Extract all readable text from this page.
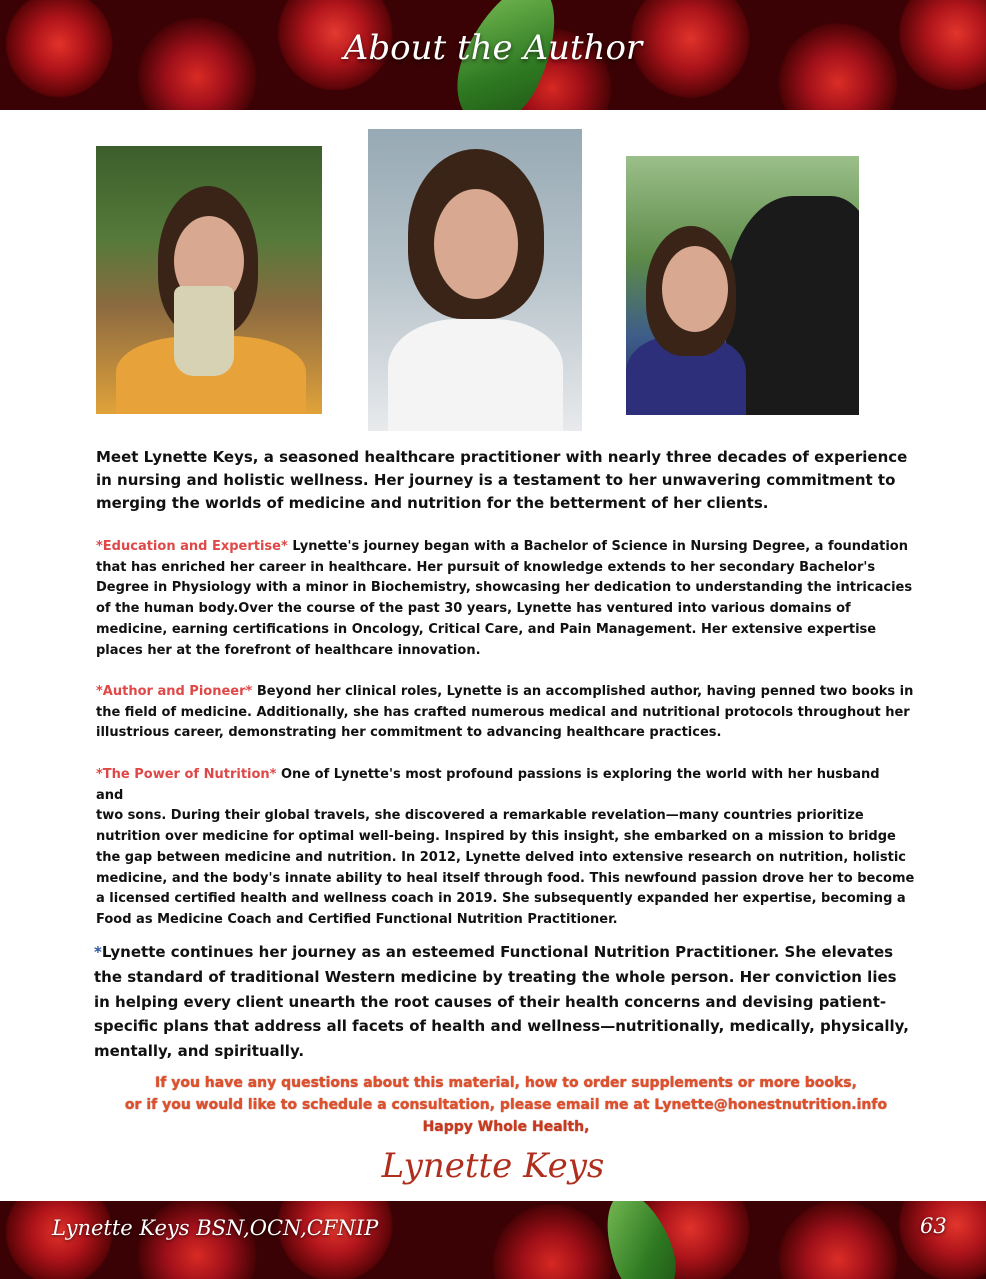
About the Author

Meet Lynette Keys, a seasoned healthcare practitioner with nearly three decades of experience in nursing and holistic wellness. Her journey is a testament to her unwavering commitment to merging the worlds of medicine and nutrition for the betterment of her clients.

*Education and Expertise* Lynette's journey began with a Bachelor of Science in Nursing Degree, a foundation that has enriched her career in healthcare. Her pursuit of knowledge extends to her secondary Bachelor's Degree in Physiology with a minor in Biochemistry, showcasing her dedication to understanding the intricacies of the human body.Over the course of the past 30 years, Lynette has ventured into various domains of medicine, earning certifications in Oncology, Critical Care, and Pain Management. Her extensive expertise places her at the forefront of healthcare innovation.

*Author and Pioneer* Beyond her clinical roles, Lynette is an accomplished author, having penned two books in the field of medicine. Additionally, she has crafted numerous medical and nutritional protocols throughout her illustrious career, demonstrating her commitment to advancing healthcare practices.

*The Power of Nutrition* One of Lynette's most profound passions is exploring the world with her husband and
two sons. During their global travels, she discovered a remarkable revelation—many countries prioritize nutrition over medicine for optimal well-being. Inspired by this insight, she embarked on a mission to bridge the gap between medicine and nutrition. In 2012, Lynette delved into extensive research on nutrition, holistic medicine, and the body's innate ability to heal itself through food. This newfound passion drove her to become a licensed certified health and wellness coach in 2019. She subsequently expanded her expertise, becoming a Food as Medicine Coach and Certified Functional Nutrition Practitioner.

*Lynette continues her journey as an esteemed Functional Nutrition Practitioner. She elevates the standard of traditional Western medicine by treating the whole person. Her conviction lies in helping every client unearth the root causes of their health concerns and devising patient-specific plans that address all facets of health and wellness—nutritionally, medically, physically, mentally, and spiritually.

If you have any questions about this material, how to order supplements or more books,
or if you would like to schedule a consultation, please email me at Lynette@honestnutrition.info
Happy Whole Health,
Lynette Keys
Lynette Keys BSN,OCN,CFNIP	63
